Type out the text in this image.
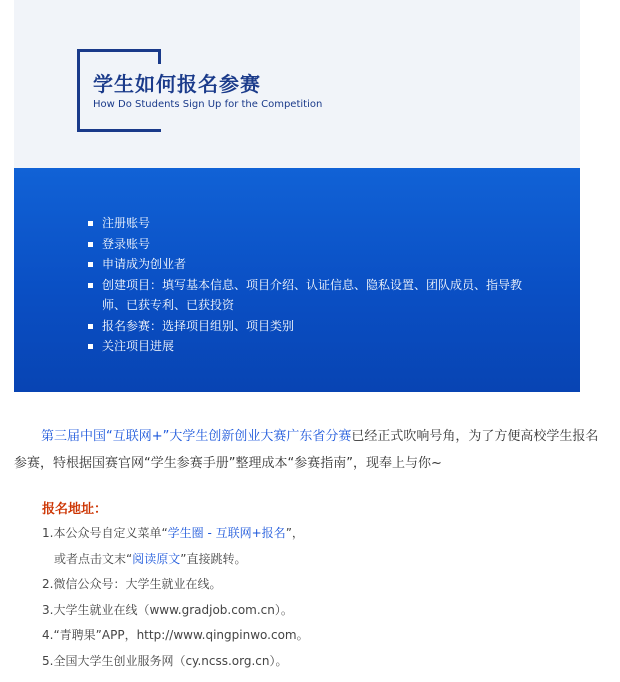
学生如何报名参赛
How Do Students Sign Up for the Competition
注册账号
登录账号
申请成为创业者
创建项目：填写基本信息、项目介绍、认证信息、隐私设置、团队成员、指导教师、已获专利、已获投资
报名参赛：选择项目组别、项目类别
关注项目进展

第三届中国“互联网+”大学生创新创业大赛广东省分赛已经正式吹响号角，为了方便高校学生报名参赛，特根据国赛官网“学生参赛手册”整理成本“参赛指南”，现奉上与你~

报名地址：

1.本公众号自定义菜单“学生圈 - 互联网+报名”，
或者点击文末“阅读原文”直接跳转。
2.微信公众号：大学生就业在线。
3.大学生就业在线（www.gradjob.com.cn）。
4.“青聘果”APP，http://www.qingpinwo.com。
5.全国大学生创业服务网（cy.ncss.org.cn）。
